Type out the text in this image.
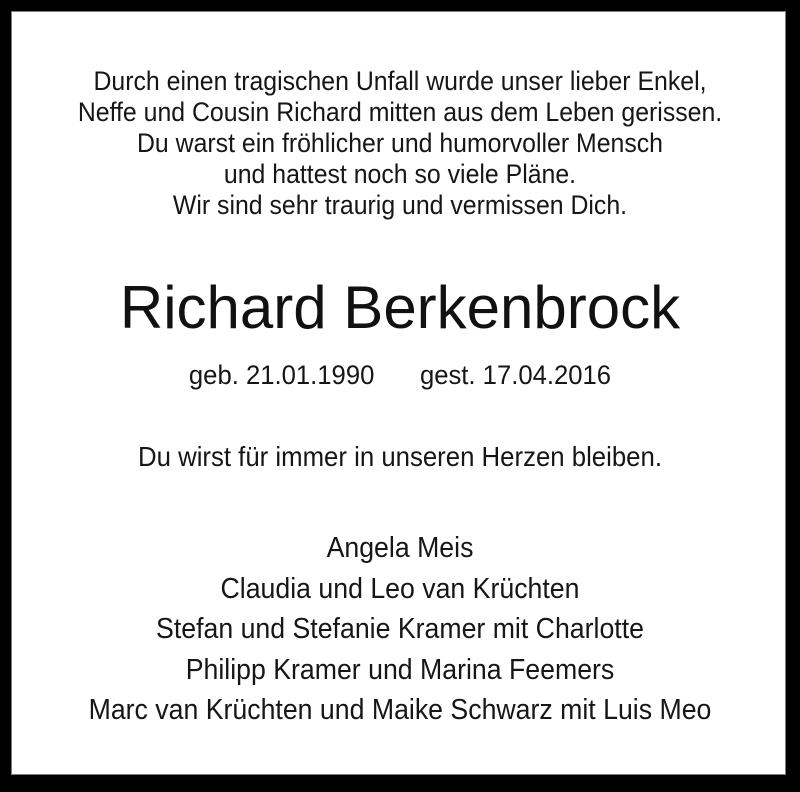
Durch einen tragischen Unfall wurde unser lieber Enkel,
Neffe und Cousin Richard mitten aus dem Leben gerissen.
Du warst ein fröhlicher und humorvoller Mensch
und hattest noch so viele Pläne.
Wir sind sehr traurig und vermissen Dich.
Richard Berkenbrock
geb. 21.01.1990 gest. 17.04.2016
Du wirst für immer in unseren Herzen bleiben.
Angela Meis
Claudia und Leo van Krüchten
Stefan und Stefanie Kramer mit Charlotte
Philipp Kramer und Marina Feemers
Marc van Krüchten und Maike Schwarz mit Luis Meo
